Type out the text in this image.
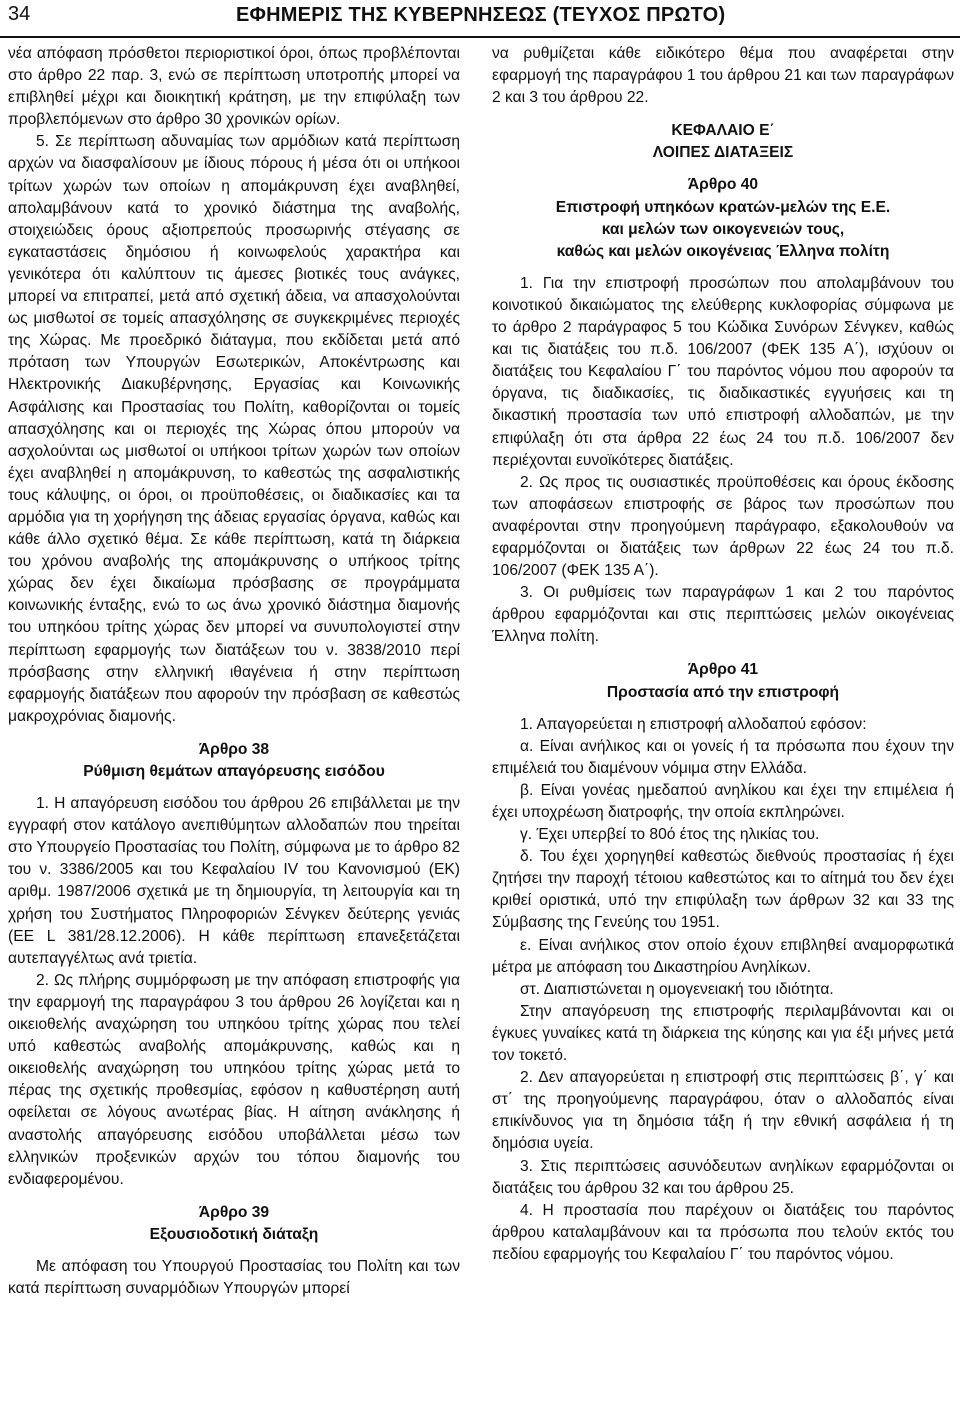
34	ΕΦΗΜΕΡΙΣ ΤΗΣ ΚΥΒΕΡΝΗΣΕΩΣ (ΤΕΥΧΟΣ ΠΡΩΤΟ)

νέα απόφαση πρόσθετοι περιοριστικοί όροι, όπως προβλέπονται στο άρθρο 22 παρ. 3, ενώ σε περίπτωση υποτροπής μπορεί να επιβληθεί μέχρι και διοικητική κράτηση, με την επιφύλαξη των προβλεπόμενων στο άρθρο 30 χρονικών ορίων.

5. Σε περίπτωση αδυναμίας των αρμόδιων κατά περίπτωση αρχών να διασφαλίσουν με ίδιους πόρους ή μέσα ότι οι υπήκοοι τρίτων χωρών των οποίων η απομάκρυνση έχει αναβληθεί, απολαμβάνουν κατά το χρονικό διάστημα της αναβολής, στοιχειώδεις όρους αξιοπρεπούς προσωρινής στέγασης σε εγκαταστάσεις δημόσιου ή κοινωφελούς χαρακτήρα και γενικότερα ότι καλύπτουν τις άμεσες βιοτικές τους ανάγκες, μπορεί να επιτραπεί, μετά από σχετική άδεια, να απασχολούνται ως μισθωτοί σε τομείς απασχόλησης σε συγκεκριμένες περιοχές της Χώρας. Με προεδρικό διάταγμα, που εκδίδεται μετά από πρόταση των Υπουργών Εσωτερικών, Αποκέντρωσης και Ηλεκτρονικής Διακυβέρνησης, Εργασίας και Κοινωνικής Ασφάλισης και Προστασίας του Πολίτη, καθορίζονται οι τομείς απασχόλησης και οι περιοχές της Χώρας όπου μπορούν να ασχολούνται ως μισθωτοί οι υπήκοοι τρίτων χωρών των οποίων έχει αναβληθεί η απομάκρυνση, το καθεστώς της ασφαλιστικής τους κάλυψης, οι όροι, οι προϋποθέσεις, οι διαδικασίες και τα αρμόδια για τη χορήγηση της άδειας εργασίας όργανα, καθώς και κάθε άλλο σχετικό θέμα. Σε κάθε περίπτωση, κατά τη διάρκεια του χρόνου αναβολής της απομάκρυνσης ο υπήκοος τρίτης χώρας δεν έχει δικαίωμα πρόσβασης σε προγράμματα κοινωνικής ένταξης, ενώ το ως άνω χρονικό διάστημα διαμονής του υπηκόου τρίτης χώρας δεν μπορεί να συνυπολογιστεί στην περίπτωση εφαρμογής των διατάξεων του ν. 3838/2010 περί πρόσβασης στην ελληνική ιθαγένεια ή στην περίπτωση εφαρμογής διατάξεων που αφορούν την πρόσβαση σε καθεστώς μακροχρόνιας διαμονής.

Άρθρο 38

Ρύθμιση θεμάτων απαγόρευσης εισόδου

1. Η απαγόρευση εισόδου του άρθρου 26 επιβάλλεται με την εγγραφή στον κατάλογο ανεπιθύμητων αλλοδαπών που τηρείται στο Υπουργείο Προστασίας του Πολίτη, σύμφωνα με το άρθρο 82 του ν. 3386/2005 και του Κεφαλαίου IV του Κανονισμού (ΕΚ) αριθμ. 1987/2006 σχετικά με τη δημιουργία, τη λειτουργία και τη χρήση του Συστήματος Πληροφοριών Σένγκεν δεύτερης γενιάς (ΕΕ L 381/28.12.2006). Η κάθε περίπτωση επανεξετάζεται αυτεπαγγέλτως ανά τριετία.

2. Ως πλήρης συμμόρφωση με την απόφαση επιστροφής για την εφαρμογή της παραγράφου 3 του άρθρου 26 λογίζεται και η οικειοθελής αναχώρηση του υπηκόου τρίτης χώρας που τελεί υπό καθεστώς αναβολής απομάκρυνσης, καθώς και η οικειοθελής αναχώρηση του υπηκόου τρίτης χώρας μετά το πέρας της σχετικής προθεσμίας, εφόσον η καθυστέρηση αυτή οφείλεται σε λόγους ανωτέρας βίας. Η αίτηση ανάκλησης ή αναστολής απαγόρευσης εισόδου υποβάλλεται μέσω των ελληνικών προξενικών αρχών του τόπου διαμονής του ενδιαφερομένου.

Άρθρο 39

Εξουσιοδοτική διάταξη

Με απόφαση του Υπουργού Προστασίας του Πολίτη και των κατά περίπτωση συναρμόδιων Υπουργών μπορεί

να ρυθμίζεται κάθε ειδικότερο θέμα που αναφέρεται στην εφαρμογή της παραγράφου 1 του άρθρου 21 και των παραγράφων 2 και 3 του άρθρου 22.

ΚΕΦΑΛΑΙΟ Ε΄

ΛΟΙΠΕΣ ΔΙΑΤΑΞΕΙΣ

Άρθρο 40

Επιστροφή υπηκόων κρατών-μελών της Ε.Ε.

και μελών των οικογενειών τους,

καθώς και μελών οικογένειας Έλληνα πολίτη

1. Για την επιστροφή προσώπων που απολαμβάνουν του κοινοτικού δικαιώματος της ελεύθερης κυκλοφορίας σύμφωνα με το άρθρο 2 παράγραφος 5 του Κώδικα Συνόρων Σένγκεν, καθώς και τις διατάξεις του π.δ. 106/2007 (ΦΕΚ 135 Α΄), ισχύουν οι διατάξεις του Κεφαλαίου Γ΄ του παρόντος νόμου που αφορούν τα όργανα, τις διαδικασίες, τις διαδικαστικές εγγυήσεις και τη δικαστική προστασία των υπό επιστροφή αλλοδαπών, με την επιφύλαξη ότι στα άρθρα 22 έως 24 του π.δ. 106/2007 δεν περιέχονται ευνοϊκότερες διατάξεις.

2. Ως προς τις ουσιαστικές προϋποθέσεις και όρους έκδοσης των αποφάσεων επιστροφής σε βάρος των προσώπων που αναφέρονται στην προηγούμενη παράγραφο, εξακολουθούν να εφαρμόζονται οι διατάξεις των άρθρων 22 έως 24 του π.δ. 106/2007 (ΦΕΚ 135 Α΄).

3. Οι ρυθμίσεις των παραγράφων 1 και 2 του παρόντος άρθρου εφαρμόζονται και στις περιπτώσεις μελών οικογένειας Έλληνα πολίτη.

Άρθρο 41

Προστασία από την επιστροφή

1. Απαγορεύεται η επιστροφή αλλοδαπού εφόσον:

α. Είναι ανήλικος και οι γονείς ή τα πρόσωπα που έχουν την επιμέλειά του διαμένουν νόμιμα στην Ελλάδα.

β. Είναι γονέας ημεδαπού ανηλίκου και έχει την επιμέλεια ή έχει υποχρέωση διατροφής, την οποία εκπληρώνει.

γ. Έχει υπερβεί το 80ό έτος της ηλικίας του.

δ. Του έχει χορηγηθεί καθεστώς διεθνούς προστασίας ή έχει ζητήσει την παροχή τέτοιου καθεστώτος και το αίτημά του δεν έχει κριθεί οριστικά, υπό την επιφύλαξη των άρθρων 32 και 33 της Σύμβασης της Γενεύης του 1951.

ε. Είναι ανήλικος στον οποίο έχουν επιβληθεί αναμορφωτικά μέτρα με απόφαση του Δικαστηρίου Ανηλίκων.

στ. Διαπιστώνεται η ομογενειακή του ιδιότητα.

Στην απαγόρευση της επιστροφής περιλαμβάνονται και οι έγκυες γυναίκες κατά τη διάρκεια της κύησης και για έξι μήνες μετά τον τοκετό.

2. Δεν απαγορεύεται η επιστροφή στις περιπτώσεις β΄, γ΄ και στ΄ της προηγούμενης παραγράφου, όταν ο αλλοδαπός είναι επικίνδυνος για τη δημόσια τάξη ή την εθνική ασφάλεια ή τη δημόσια υγεία.

3. Στις περιπτώσεις ασυνόδευτων ανηλίκων εφαρμόζονται οι διατάξεις του άρθρου 32 και του άρθρου 25.

4. Η προστασία που παρέχουν οι διατάξεις του παρόντος άρθρου καταλαμβάνουν και τα πρόσωπα που τελούν εκτός του πεδίου εφαρμογής του Κεφαλαίου Γ΄ του παρόντος νόμου.
